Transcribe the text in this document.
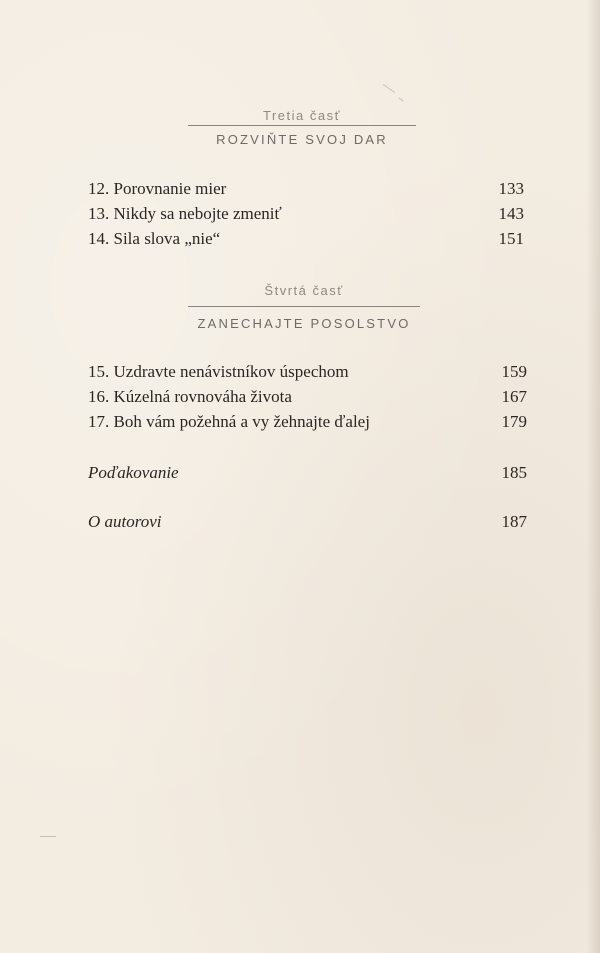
Tretia časť
ROZVIŇTE SVOJ DAR
12. Porovnanie mier	133
13. Nikdy sa nebojte zmeniť	143
14. Sila slova „nie“	151
Štvrtá časť
ZANECHAJTE POSOLSTVO
15. Uzdravte nenávistníkov úspechom	159
16. Kúzelná rovnováha života	167
17. Boh vám požehná a vy žehnajte ďalej	179
Poďakovanie	185
O autorovi	187
